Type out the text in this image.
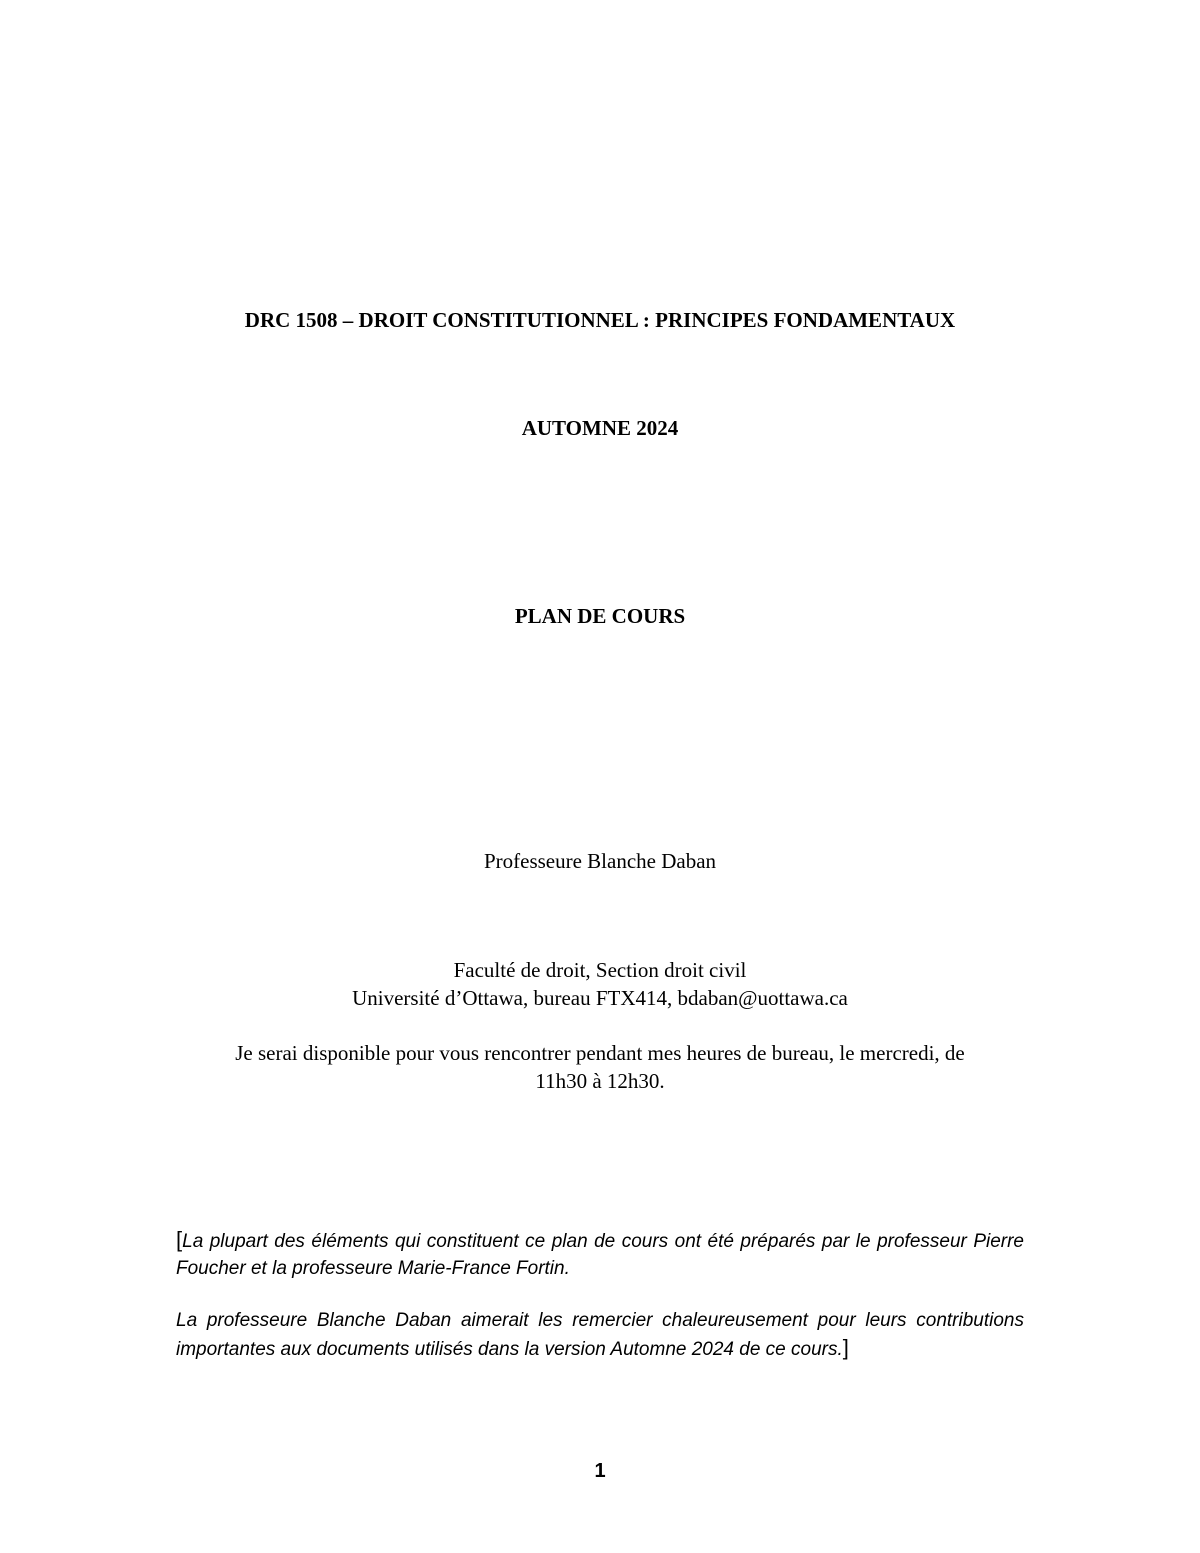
DRC 1508 – DROIT CONSTITUTIONNEL : PRINCIPES FONDAMENTAUX
AUTOMNE 2024
PLAN DE COURS
Professeure Blanche Daban
Faculté de droit, Section droit civil
Université d’Ottawa, bureau FTX414, bdaban@uottawa.ca
Je serai disponible pour vous rencontrer pendant mes heures de bureau, le mercredi, de
11h30 à 12h30.
[La plupart des éléments qui constituent ce plan de cours ont été préparés par le professeur Pierre Foucher et la professeure Marie-France Fortin.
La professeure Blanche Daban aimerait les remercier chaleureusement pour leurs contributions importantes aux documents utilisés dans la version Automne 2024 de ce cours.]
1
